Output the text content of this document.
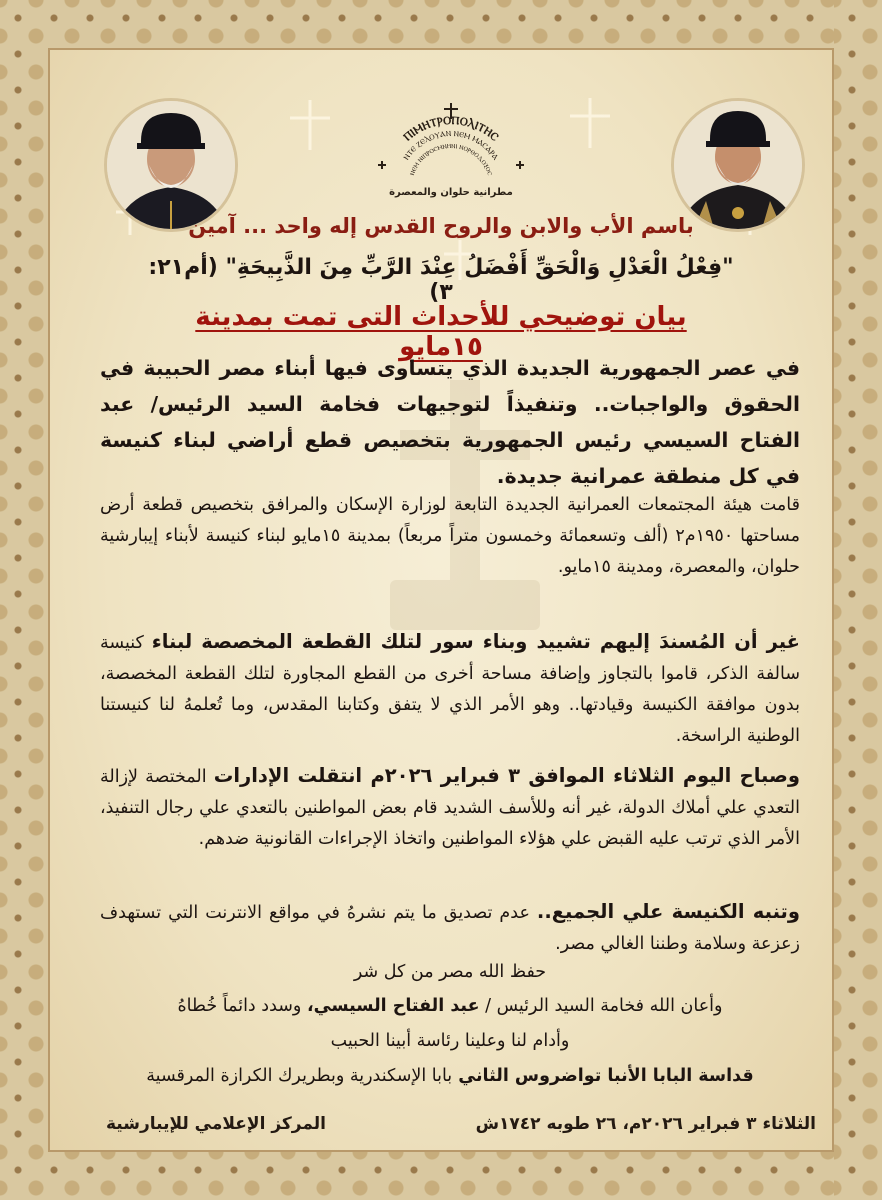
ⲠⲒⲘⲎⲦⲢⲞⲠⲞⲖⲒⲦⲎⲤ
ⲚⲦⲈ ⲌⲈⲖⲞⲨⲀⲚ ⲚⲈⲘ ⲘⲀⲤⲀⲢⲀ
ⲚⲈⲘ ⲚⲒⲠⲢⲞⲤⲘⲚⲎⲚⲒ ⲚⲞⲢⲐⲞⲆⲞⲜⲞⲤ
مطرانية حلوان والمعصرة
باسم الأب والابن والروح القدس إله واحد ... آمين
"فِعْلُ الْعَدْلِ وَالْحَقِّ أَفْضَلُ عِنْدَ الرَّبِّ مِنَ الذَّبِيحَةِ" (أم٢١: ٣)
بيان توضيحي للأحداث التى تمت بمدينة ١٥مايو
في عصر الجمهورية الجديدة الذي يتساوى فيها أبناء مصر الحبيبة في الحقوق والواجبات.. وتنفيذاً لتوجيهات فخامة السيد الرئيس/ عبد الفتاح السيسي رئيس الجمهورية بتخصيص قطع أراضي لبناء كنيسة في كل منطقة عمرانية جديدة.
قامت هيئة المجتمعات العمرانية الجديدة التابعة لوزارة الإسكان والمرافق بتخصيص قطعة أرض مساحتها ١٩٥٠م٢ (ألف وتسعمائة وخمسون متراً مربعاً) بمدينة ١٥مايو لبناء كنيسة لأبناء إيبارشية حلوان، والمعصرة، ومدينة ١٥مايو.
غير أن المُسندَ إليهم تشييد وبناء سور لتلك القطعة المخصصة لبناء كنيسة سالفة الذكر، قاموا بالتجاوز وإضافة مساحة أخرى من القطع المجاورة لتلك القطعة المخصصة، بدون موافقة الكنيسة وقيادتها.. وهو الأمر الذي لا يتفق وكتابنا المقدس، وما تُعلمهُ لنا كنيستنا الوطنية الراسخة.
وصباح اليوم الثلاثاء الموافق ٣ فبراير ٢٠٢٦م انتقلت الإدارات المختصة لإزالة التعدي علي أملاك الدولة، غير أنه وللأسف الشديد قام بعض المواطنين بالتعدي علي رجال التنفيذ، الأمر الذي ترتب عليه القبض علي هؤلاء المواطنين واتخاذ الإجراءات القانونية ضدهم.
وتنبه الكنيسة علي الجميع.. عدم تصديق ما يتم نشرهُ في مواقع الانترنت التي تستهدف زعزعة وسلامة وطننا الغالي مصر.
حفظ الله مصر من كل شر
وأعان الله فخامة السيد الرئيس / عبد الفتاح السيسي، وسدد دائماً خُطاهُ
وأدام لنا وعلينا رئاسة أبينا الحبيب
قداسة البابا الأنبا تواضروس الثاني بابا الإسكندرية وبطريرك الكرازة المرقسية
الثلاثاء ٣ فبراير ٢٠٢٦م، ٢٦ طوبه ١٧٤٢ش
المركز الإعلامي للإيبارشية
